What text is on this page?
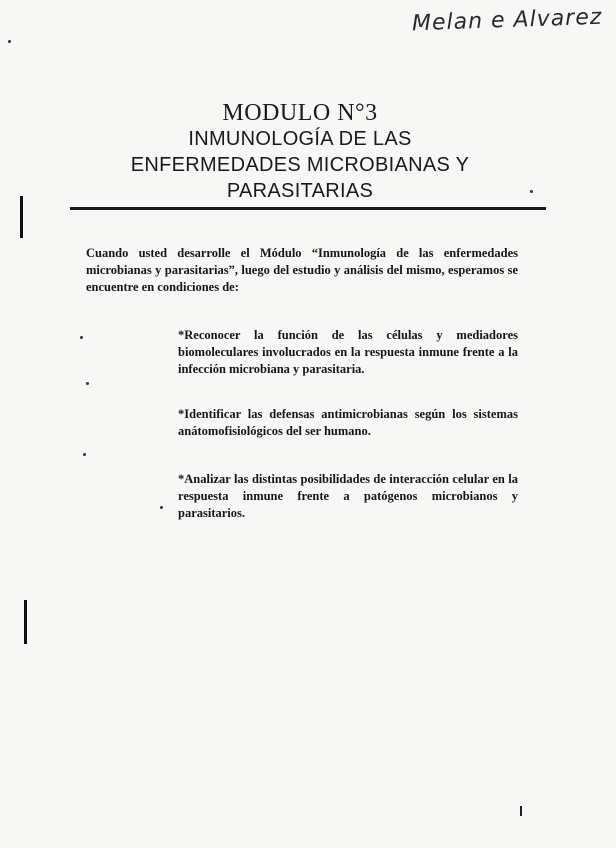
Melan e Alvarez
MODULO N°3
INMUNOLOGÍA DE LAS
ENFERMEDADES MICROBIANAS Y
PARASITARIAS

Cuando usted desarrolle el Módulo “Inmunología de las enfermedades microbianas y parasitarias”, luego del estudio y análisis del mismo, esperamos se encuentre en condiciones de:

*Reconocer la función de las células y mediadores biomoleculares involucrados en la respuesta inmune frente a la infección microbiana y parasitaria.

*Identificar las defensas antimicrobianas según los sistemas anátomofisiológicos del ser humano.

*Analizar las distintas posibilidades de interacción celular en la respuesta inmune frente a patógenos microbianos y parasitarios.
